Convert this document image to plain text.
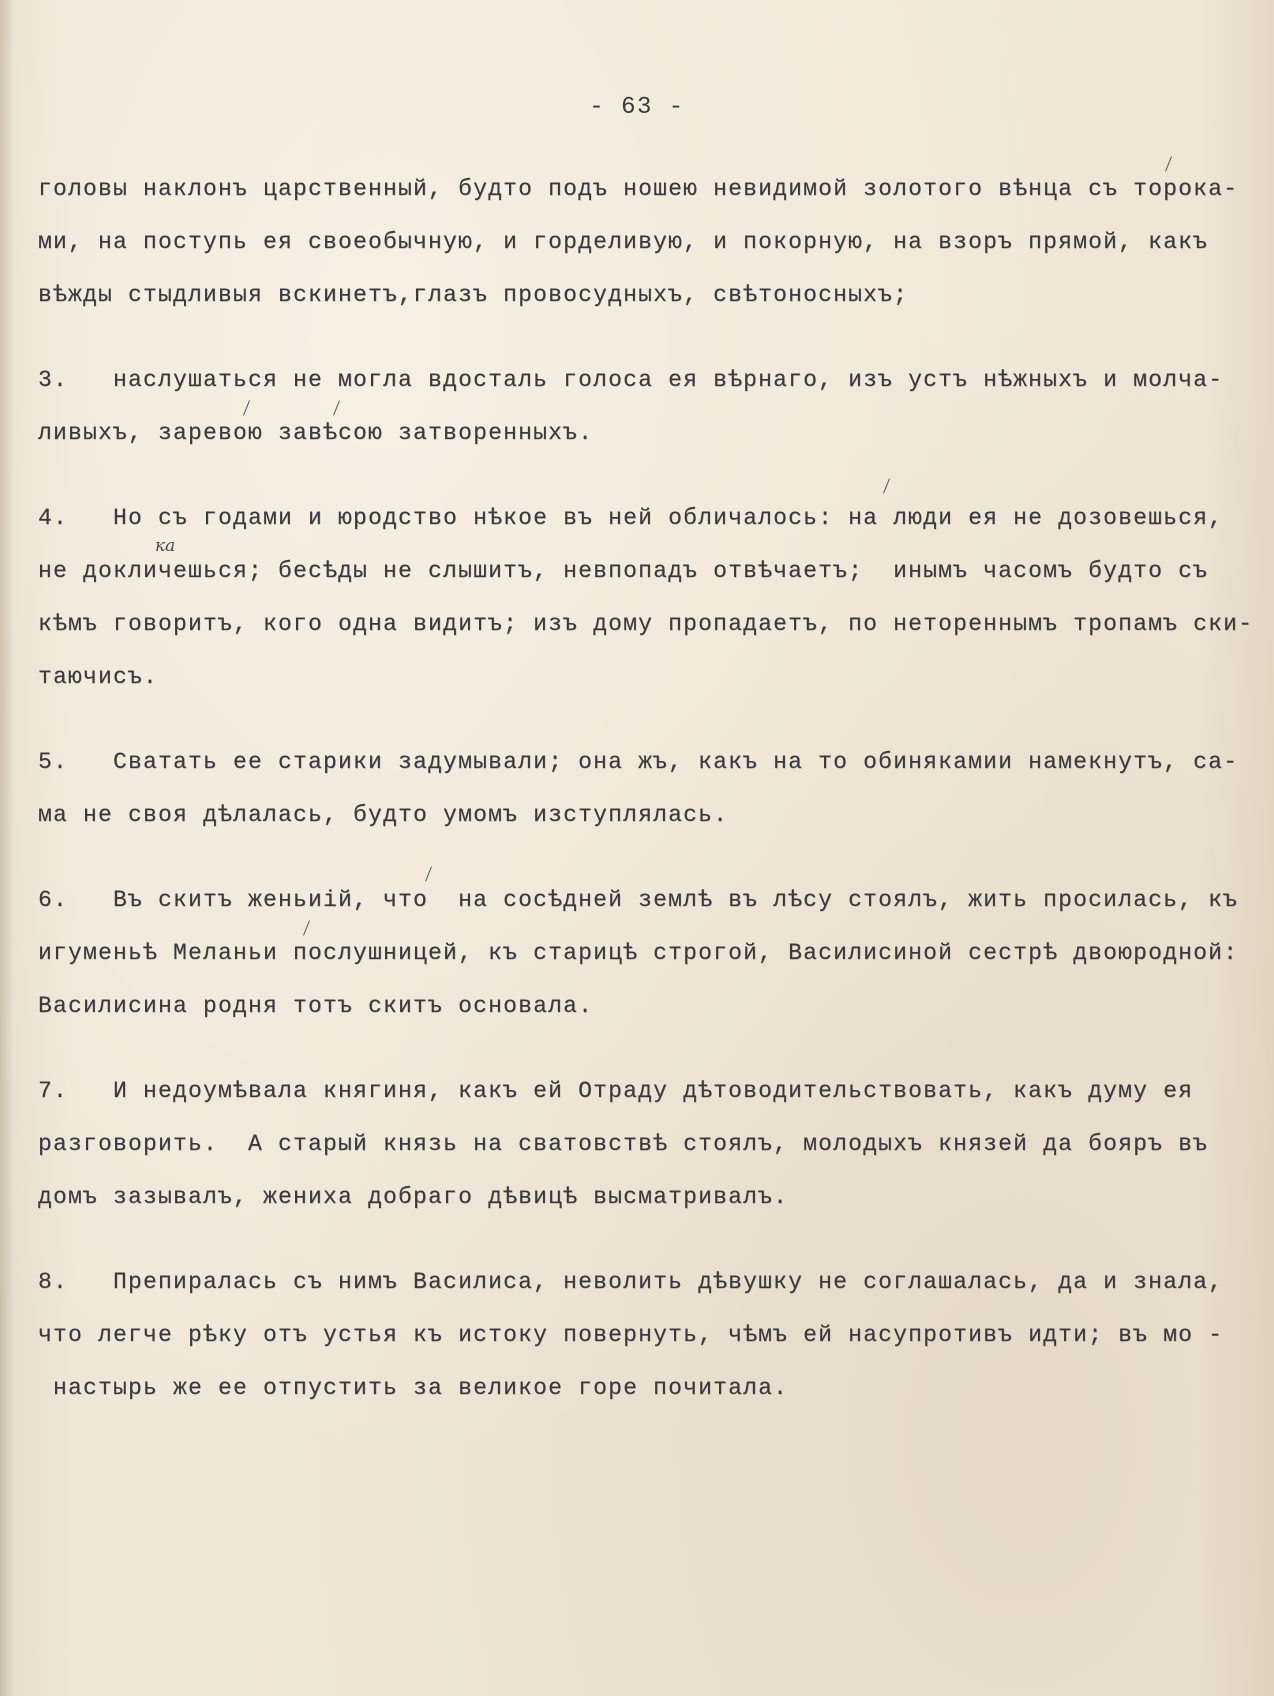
- 63 -
головы наклонъ царственный, будто подъ ношею невидимой золотого вѣнца съ торока-
ми, на поступь ея своеобычную, и горделивую, и покорную, на взоръ прямой, какъ
вѣжды стыдливыя вскинетъ,глазъ провосудныхъ, свѣтоносныхъ;
3.   наслушаться не могла вдосталь голоса ея вѣрнаго, изъ устъ нѣжныхъ и молча-
ливыхъ, заревою завѣсою затворенныхъ.
4.   Но съ годами и юродство нѣкое въ ней обличалось: на люди ея не дозовешься,
не докличешься; бесѣды не слышитъ, невпопадъ отвѣчаетъ;  инымъ часомъ будто съ
кѣмъ говоритъ, кого одна видитъ; изъ дому пропадаетъ, по нетореннымъ тропамъ ски-
таючисъ.
5.   Сватать ее старики задумывали; она жъ, какъ на то обинякамии намекнутъ, са-
ма не своя дѣлалась, будто умомъ изступлялась.
6.   Въ скитъ женьиій, что  на сосѣдней землѣ въ лѣсу стоялъ, жить просилась, къ
игуменьѣ Меланьи послушницей, къ старицѣ строгой, Василисиной сестрѣ двоюродной:
Василисина родня тотъ скитъ основала.
7.   И недоумѣвала княгиня, какъ ей Отраду дѣтоводительствовать, какъ думу ея
разговорить.  А старый князь на сватовствѣ стоялъ, молодыхъ князей да бояръ въ
домъ зазывалъ, жениха добраго дѣвицѣ высматривалъ.
8.   Препиралась съ нимъ Василиса, неволить дѣвушку не соглашалась, да и знала,
что легче рѣку отъ устья къ истоку повернуть, чѣмъ ей насупротивъ идти; въ мо -
настырь же ее отпустить за великое горе почитала.
ка
